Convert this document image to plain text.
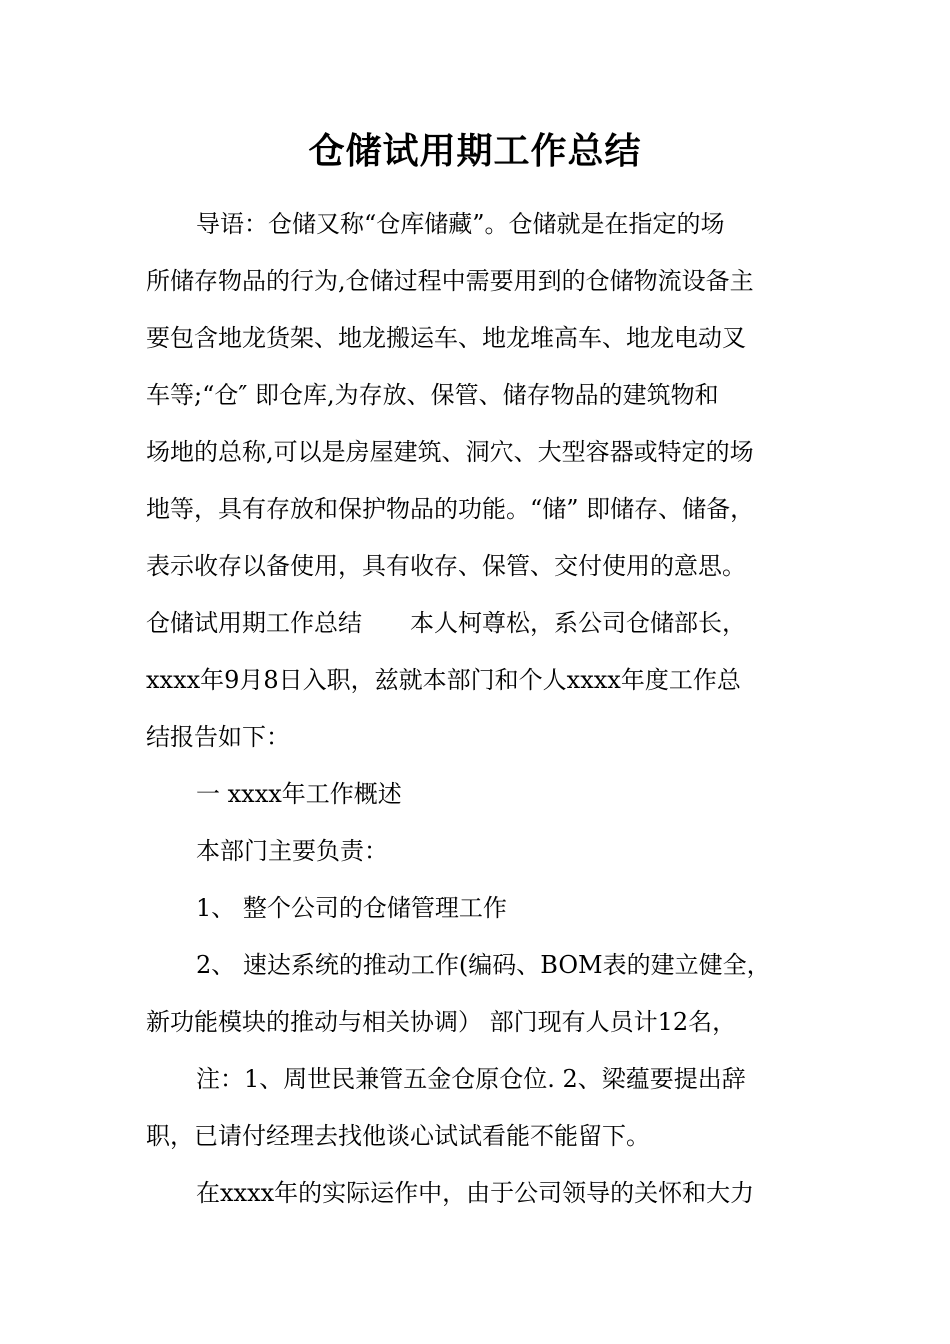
仓储试用期工作总结
导语：仓储又称“仓库储藏”。仓储就是在指定的场
所储存物品的行为,仓储过程中需要用到的仓储物流设备主
要包含地龙货架、地龙搬运车、地龙堆高车、地龙电动叉
车等;“仓″ 即仓库,为存放、保管、储存物品的建筑物和
场地的总称,可以是房屋建筑、洞穴、大型容器或特定的场
地等，具有存放和保护物品的功能。“储” 即储存、储备，
表示收存以备使用，具有收存、保管、交付使用的意思。
仓储试用期工作总结　　本人柯尊松，系公司仓储部长，
xxxx年9月8日入职，兹就本部门和个人xxxx年度工作总
结报告如下：
一 xxxx年工作概述
本部门主要负责：
1、 整个公司的仓储管理工作
2、 速达系统的推动工作(编码、BOM表的建立健全，
新功能模块的推动与相关协调） 部门现有人员计12名，
注：1、周世民兼管五金仓原仓位. 2、梁蕴要提出辞
职，已请付经理去找他谈心试试看能不能留下。
在xxxx年的实际运作中，由于公司领导的关怀和大力
